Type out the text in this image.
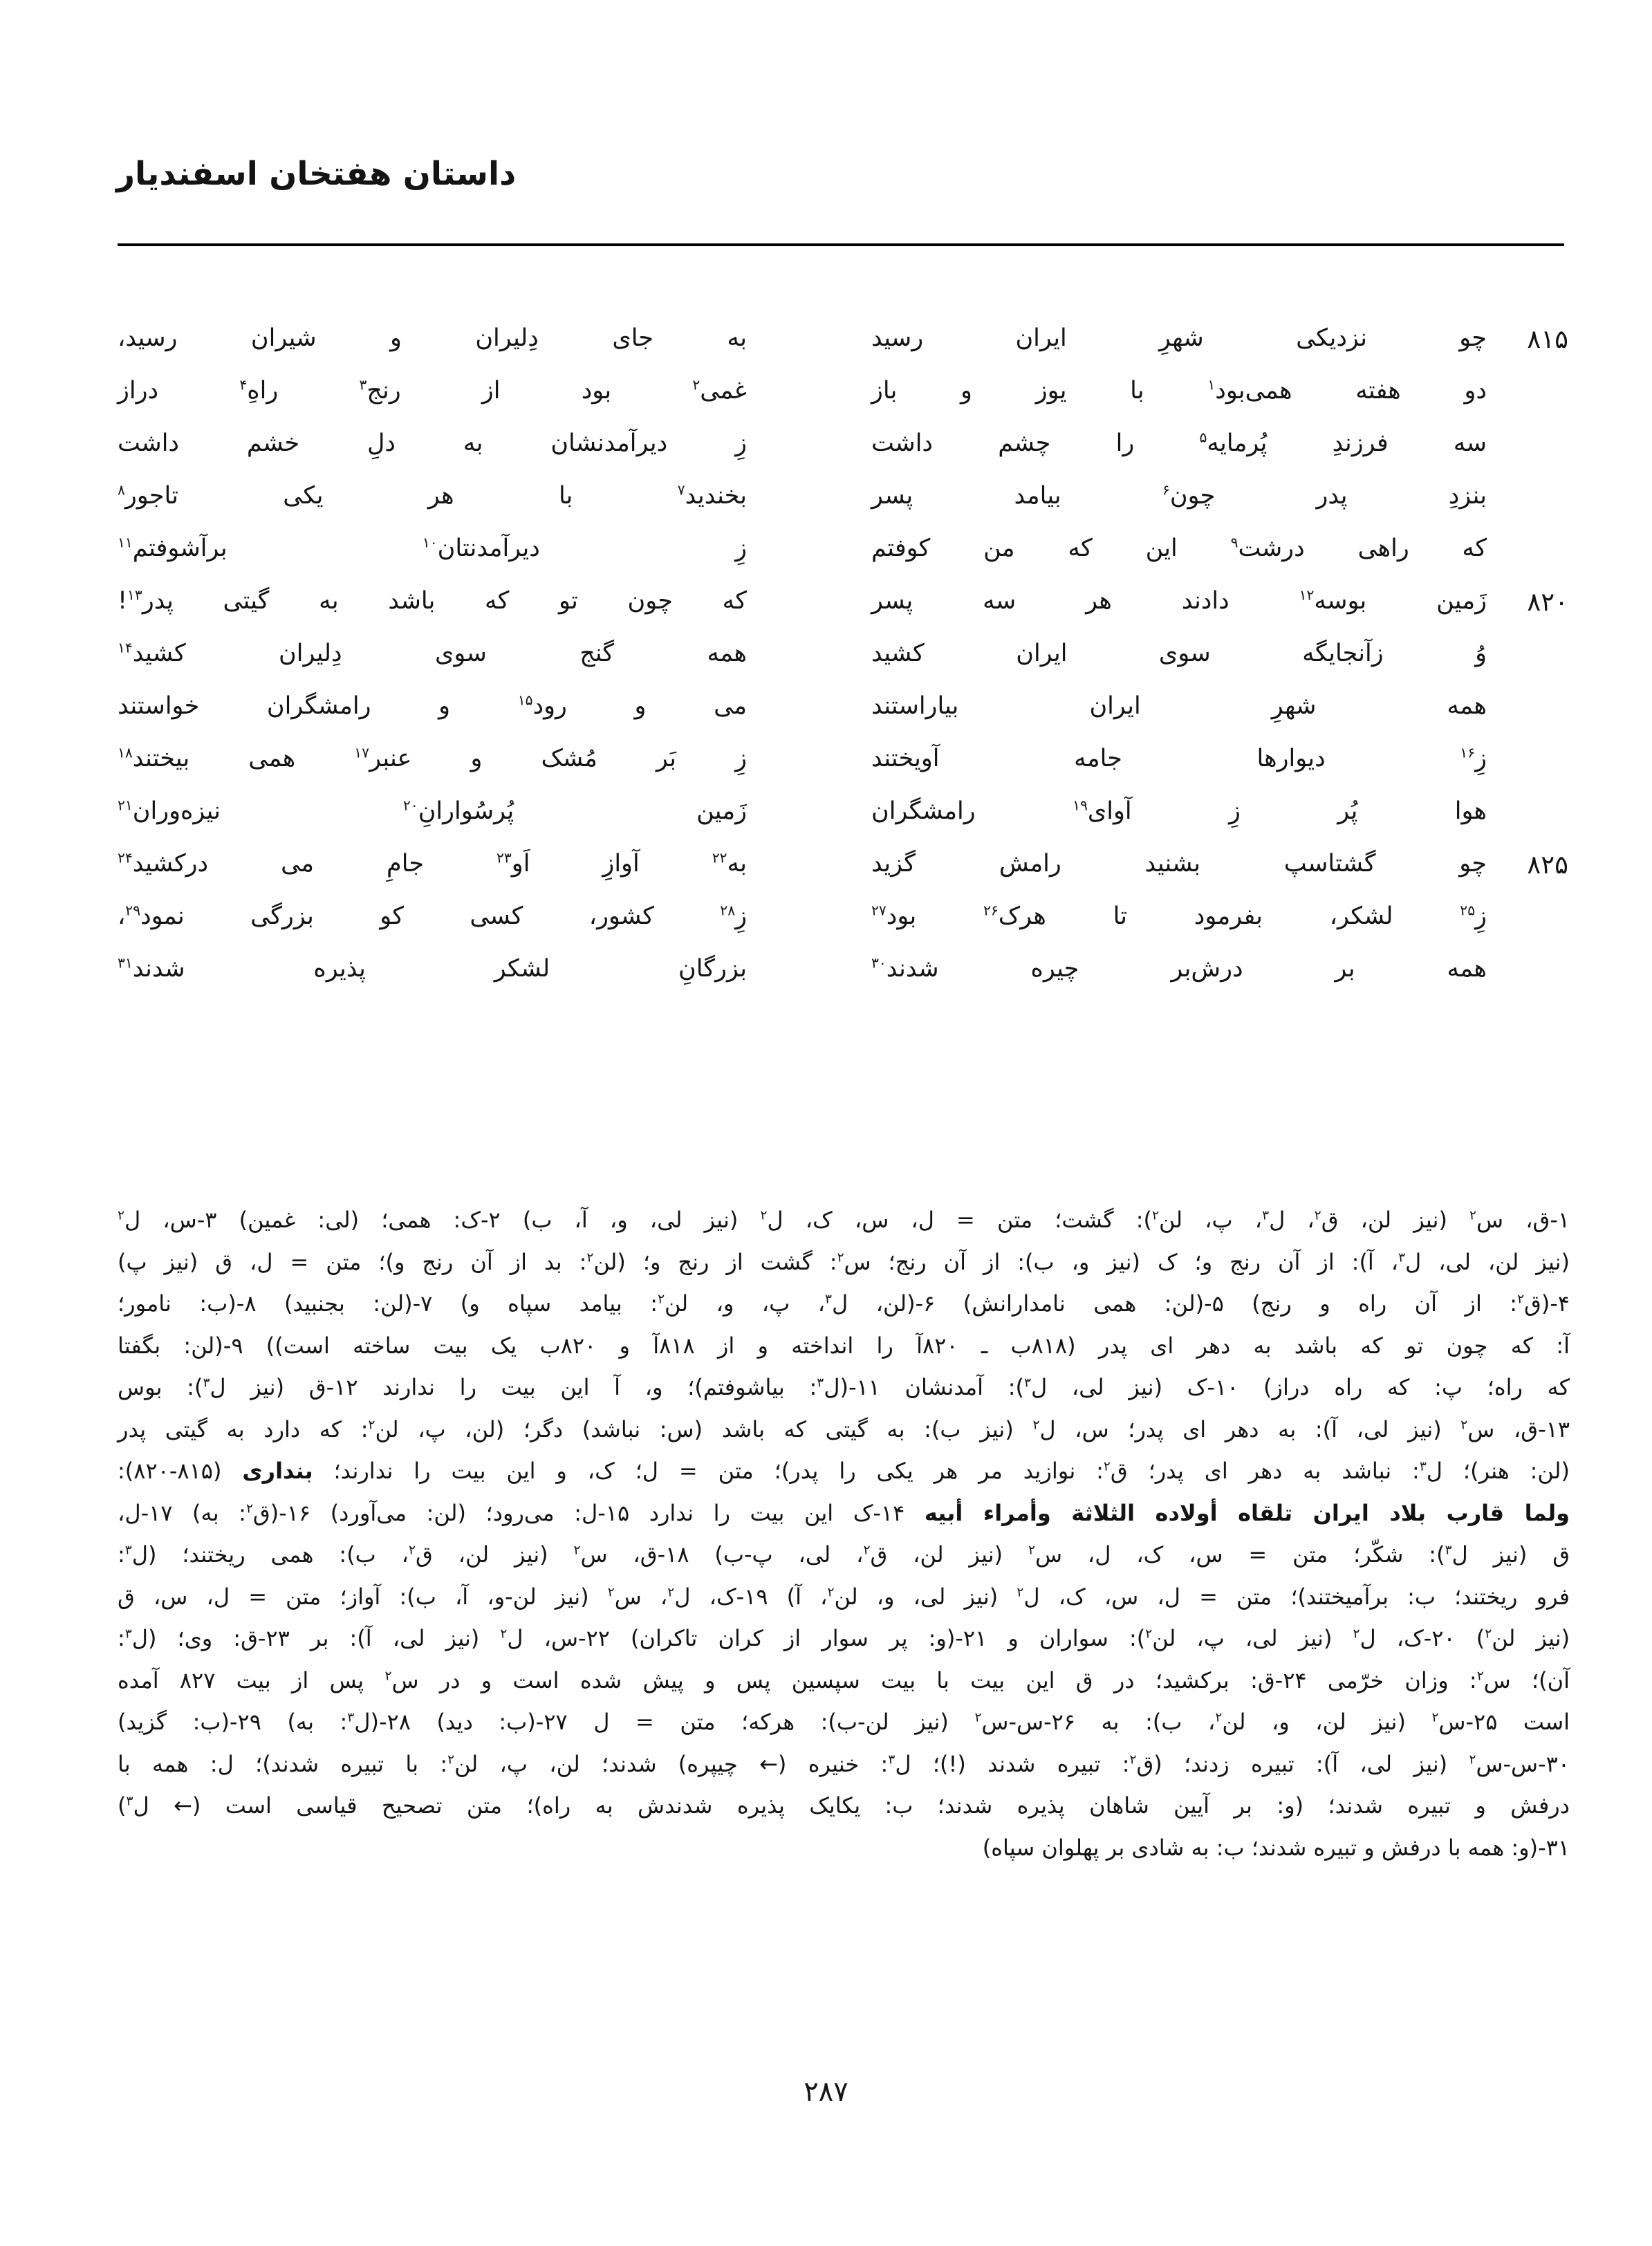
داستان هفتخان اسفندیار
۸۱۵
چو نزدیکی شهرِ ایران رسید
به جای دِلیران و شیران رسید،
دو هفته همی‌بود$^۱$ با یوز و باز
غمی$^۲$ بود از رنج$^۳$ راهِ$^۴$ دراز
سه فرزندِ پُرمایه$^۵$ را چشم داشت
زِ دیرآمدنشان به دلِ خشم داشت
بنزدِ پدر چون$^۶$ بیامد پسر
بخندید$^۷$ با هر یکی تاجور$^۸$
که راهی درشت$^۹$ این که من کوفتم
زِ دیرآمدنتان$^{۱۰}$ برآشوفتم$^{۱۱}$
۸۲۰
زَمین بوسه$^{۱۲}$ دادند هر سه پسر
که چون تو که باشد به گیتی پدر$^{۱۳}$!
وُ زآنجایگه سوی ایران کشید
همه گنج سوی دِلیران کشید$^{۱۴}$
همه شهرِ ایران بیاراستند
می و رود$^{۱۵}$ و رامشگران خواستند
زِ$^{۱۶}$ دیوارها جامه آویختند
زِ بَر مُشک و عنبر$^{۱۷}$ همی بیختند$^{۱۸}$
هوا پُر زِ آوای$^{۱۹}$ رامشگران
زَمین پُرسُوارانِ$^{۲۰}$ نیزه‌وران$^{۲۱}$
۸۲۵
چو گشتاسپ بشنید رامش گزید
به$^{۲۲}$ آوازِ اَو$^{۲۳}$ جامِ می درکشید$^{۲۴}$
زِ$^{۲۵}$ لشکر، بفرمود تا هرک$^{۲۶}$ بود$^{۲۷}$
زِ$^{۲۸}$ کشور، کسی کو بزرگی نمود$^{۲۹}$،
همه بر درش‌بر چیره شدند$^{۳۰}$
بزرگانِ لشکر پذیره شدند$^{۳۱}$
۱-ق، س$^۲$ (نیز لن، ق$^۲$، ل$^۳$، پ، لن$^۲$): گشت؛ متن = ل، س، ک، ل$^۲$ (نیز لی، و، آ، ب) ۲-ک: همی؛ (لی: غمین) ۳-س، ل$^۲$
(نیز لن، لی، ل$^۳$، آ): از آن رنج و؛ ک (نیز و، ب): از آن رنج؛ س$^۲$: گشت از رنج و؛ (لن$^۲$: بد از آن رنج و)؛ متن = ل، ق (نیز پ)
۴-(ق$^۲$: از آن راه و رنج) ۵-(لن: همی نامدارانش) ۶-(لن، ل$^۳$، پ، و، لن$^۲$: بیامد سپاه و) ۷-(لن: بجنبید) ۸-(ب: نامور؛
آ: که چون تو که باشد به دهر ای پدر (۸۱۸ب ـ ۸۲۰آ را انداخته و از ۸۱۸آ و ۸۲۰ب یک بیت ساخته است)) ۹-(لن: بگفتا
که راه؛ پ: که راه دراز) ۱۰-ک (نیز لی، ل$^۳$): آمدنشان ۱۱-(ل$^۳$: بیاشوفتم)؛ و، آ این بیت را ندارند ۱۲-ق (نیز ل$^۳$): بوس
۱۳-ق، س$^۲$ (نیز لی، آ): به دهر ای پدر؛ س، ل$^۲$ (نیز ب): به گیتی که باشد (س: نباشد) دگر؛ (لن، پ، لن$^۲$: که دارد به گیتی پدر
(لن: هنر)؛ ل$^۳$: نباشد به دهر ای پدر؛ ق$^۲$: نوازید مر هر یکی را پدر)؛ متن = ل؛ ک، و این بیت را ندارند؛ بنداری (۸۱۵-۸۲۰):
ولما قارب بلاد ایران تلقاه أولاده الثلاثة وأمراء أبیه ۱۴-ک این بیت را ندارد ۱۵-ل: می‌رود؛ (لن: می‌آورد) ۱۶-(ق$^۲$: به) ۱۷-ل،
ق (نیز ل$^۳$): شکّر؛ متن = س، ک، ل، س$^۲$ (نیز لن، ق$^۲$، لی، پ-ب) ۱۸-ق، س$^۲$ (نیز لن، ق$^۲$، ب): همی ریختند؛ (ل$^۳$:
فرو ریختند؛ ب: برآمیختند)؛ متن = ل، س، ک، ل$^۲$ (نیز لی، و، لن$^۲$، آ) ۱۹-ک، ل$^۲$، س$^۲$ (نیز لن-و، آ، ب): آواز؛ متن = ل، س، ق
(نیز لن$^۲$) ۲۰-ک، ل$^۲$ (نیز لی، پ، لن$^۲$): سواران و ۲۱-(و: پر سوار از کران تاکران) ۲۲-س، ل$^۲$ (نیز لی، آ): بر ۲۳-ق: وی؛ (ل$^۳$:
آن)؛ س$^۲$: وزان خرّمی ۲۴-ق: برکشید؛ در ق این بیت با بیت سپسین پس و پیش شده است و در س$^۲$ پس از بیت ۸۲۷ آمده
است ۲۵-س$^۲$ (نیز لن، و، لن$^۲$، ب): به ۲۶-س-س$^۲$ (نیز لن-ب): هرکه؛ متن = ل ۲۷-(ب: دید) ۲۸-(ل$^۳$: به) ۲۹-(ب: گزید)
۳۰-س-س$^۲$ (نیز لی، آ): تبیره زدند؛ (ق$^۲$: تبیره شدند (!)؛ ل$^۳$: خنیره (← چیپره) شدند؛ لن، پ، لن$^۲$: با تبیره شدند)؛ ل: همه با
درفش و تبیره شدند؛ (و: بر آیین شاهان پذیره شدند؛ ب: یکایک پذیره شدندش به راه)؛ متن تصحیح قیاسی است (← ل$^۳$)
۳۱-(و: همه با درفش و تبیره شدند؛ ب: به شادی بر پهلوان سپاه)
۲۸۷
